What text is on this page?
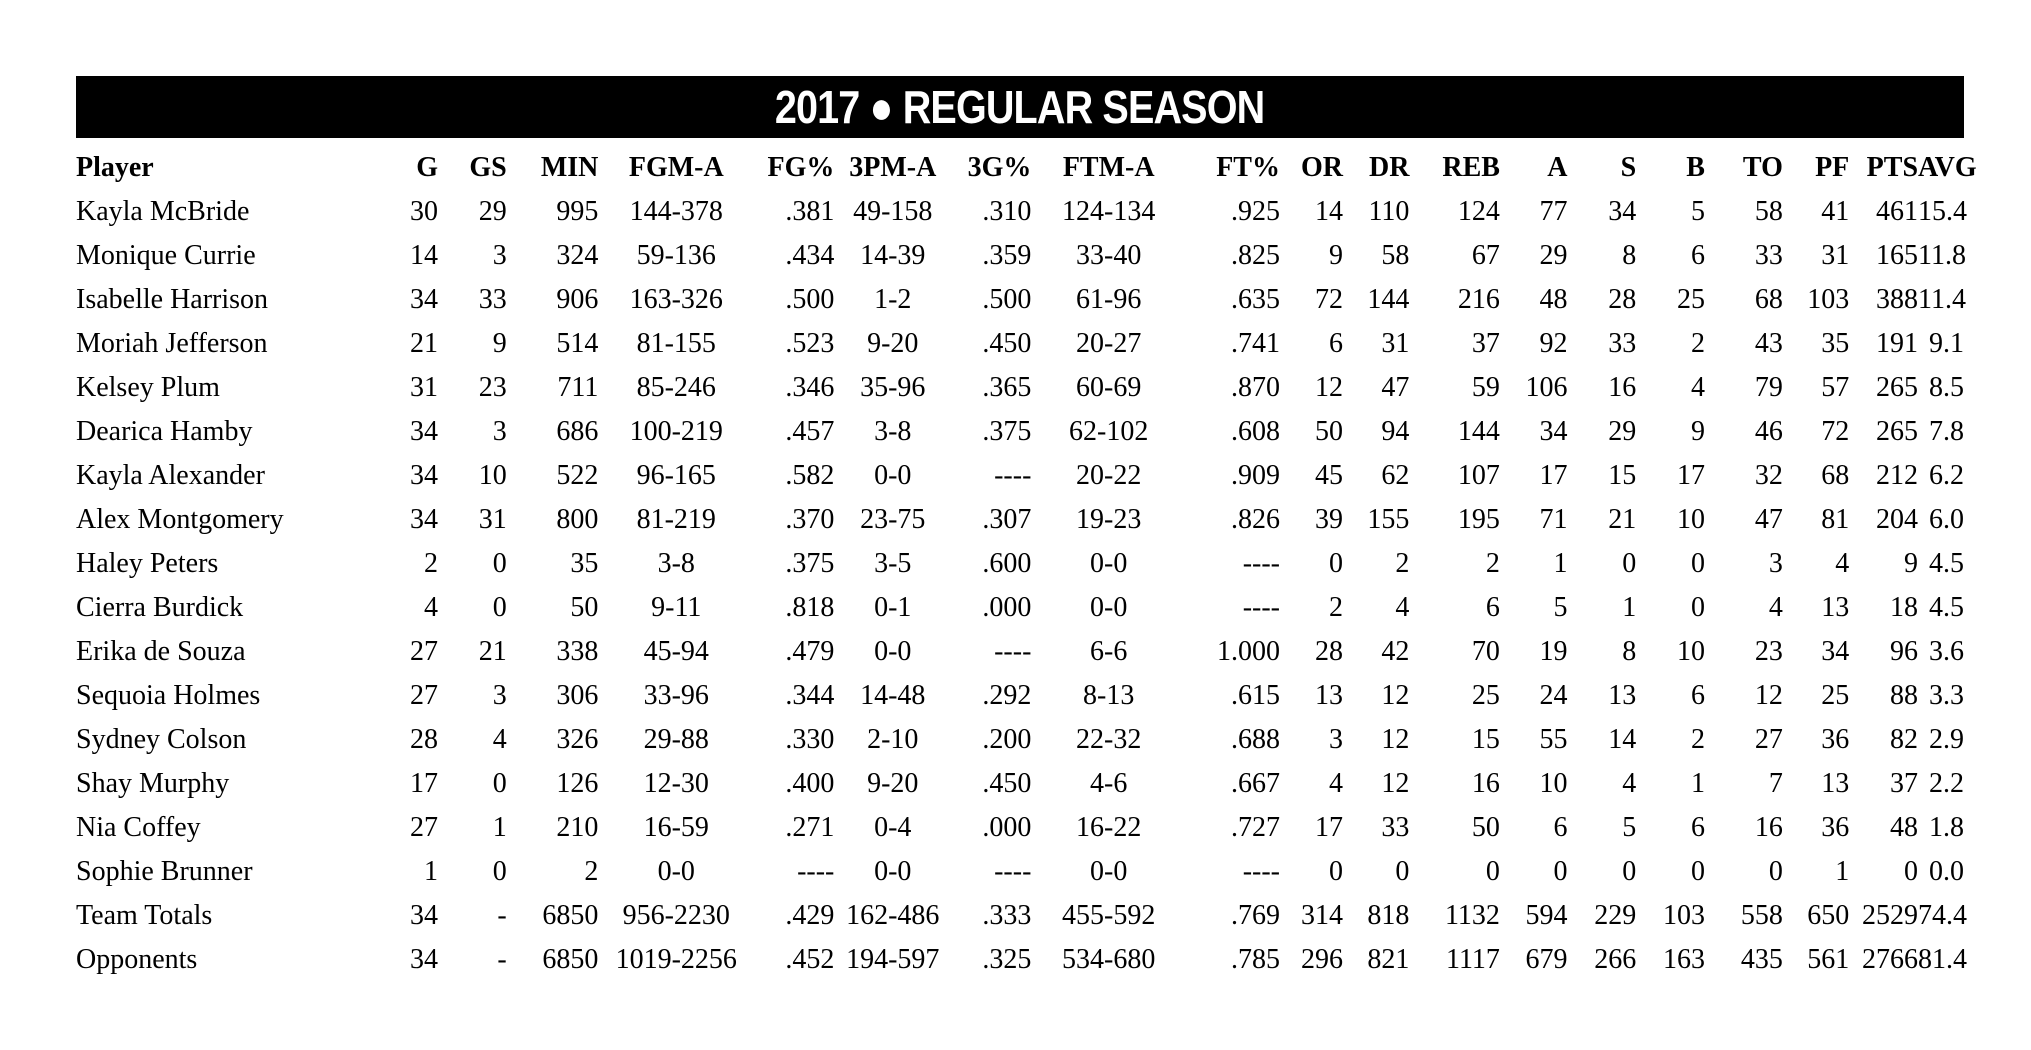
2017 ● REGULAR SEASON
Player	G	GS	MIN	FGM-A	FG%	3PM-A	3G%	FTM-A	FT%	OR	DR	REB	A	S	B	TO	PF	PTS	AVG
Kayla McBride	30	29	995	144-378	.381	49-158	.310	124-134	.925	14	110	124	77	34	5	58	41	461	15.4
Monique Currie	14	3	324	59-136	.434	14-39	.359	33-40	.825	9	58	67	29	8	6	33	31	165	11.8
Isabelle Harrison	34	33	906	163-326	.500	1-2	.500	61-96	.635	72	144	216	48	28	25	68	103	388	11.4
Moriah Jefferson	21	9	514	81-155	.523	9-20	.450	20-27	.741	6	31	37	92	33	2	43	35	191	9.1
Kelsey Plum	31	23	711	85-246	.346	35-96	.365	60-69	.870	12	47	59	106	16	4	79	57	265	8.5
Dearica Hamby	34	3	686	100-219	.457	3-8	.375	62-102	.608	50	94	144	34	29	9	46	72	265	7.8
Kayla Alexander	34	10	522	96-165	.582	0-0	----	20-22	.909	45	62	107	17	15	17	32	68	212	6.2
Alex Montgomery	34	31	800	81-219	.370	23-75	.307	19-23	.826	39	155	195	71	21	10	47	81	204	6.0
Haley Peters	2	0	35	3-8	.375	3-5	.600	0-0	----	0	2	2	1	0	0	3	4	9	4.5
Cierra Burdick	4	0	50	9-11	.818	0-1	.000	0-0	----	2	4	6	5	1	0	4	13	18	4.5
Erika de Souza	27	21	338	45-94	.479	0-0	----	6-6	1.000	28	42	70	19	8	10	23	34	96	3.6
Sequoia Holmes	27	3	306	33-96	.344	14-48	.292	8-13	.615	13	12	25	24	13	6	12	25	88	3.3
Sydney Colson	28	4	326	29-88	.330	2-10	.200	22-32	.688	3	12	15	55	14	2	27	36	82	2.9
Shay Murphy	17	0	126	12-30	.400	9-20	.450	4-6	.667	4	12	16	10	4	1	7	13	37	2.2
Nia Coffey	27	1	210	16-59	.271	0-4	.000	16-22	.727	17	33	50	6	5	6	16	36	48	1.8
Sophie Brunner	1	0	2	0-0	----	0-0	----	0-0	----	0	0	0	0	0	0	0	1	0	0.0
Team Totals	34	-	6850	956-2230	.429	162-486	.333	455-592	.769	314	818	1132	594	229	103	558	650	2529	74.4
Opponents	34	-	6850	1019-2256	.452	194-597	.325	534-680	.785	296	821	1117	679	266	163	435	561	2766	81.4
